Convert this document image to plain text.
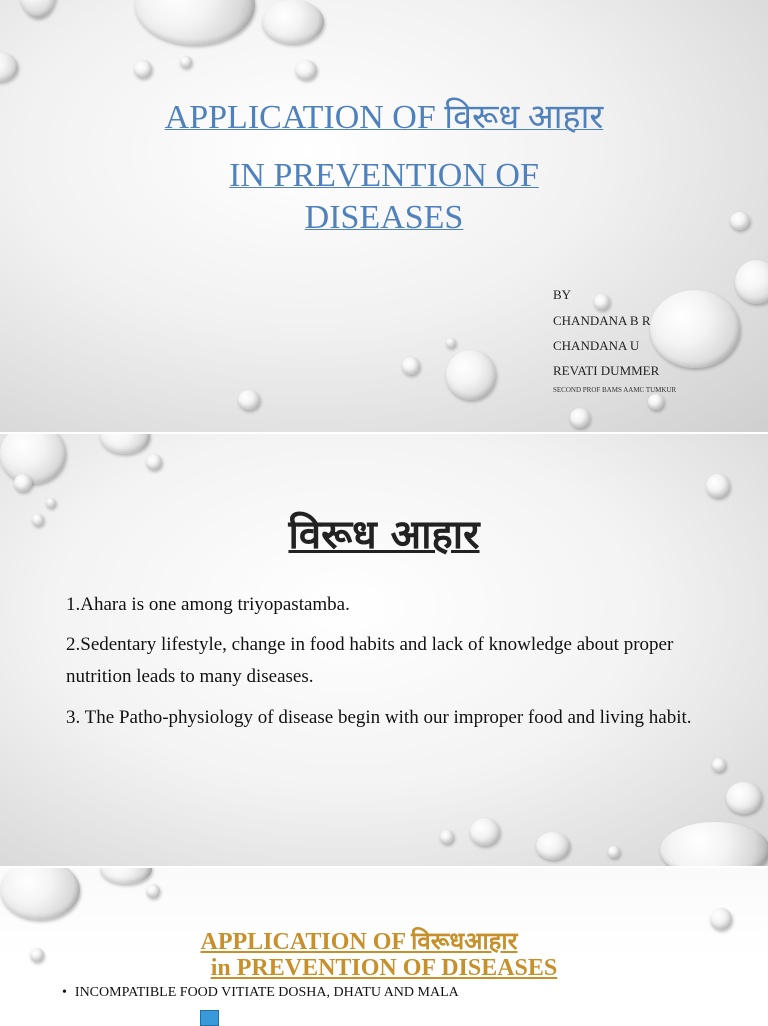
APPLICATION OF विरूध आहार
IN PREVENTION OF
DISEASES
BY
CHANDANA B R
CHANDANA U
REVATI DUMMER
SECOND PROF BAMS AAMC TUMKUR
विरूध आहार
1.Ahara is one among triyopastamba.
2.Sedentary lifestyle, change in food habits and lack of knowledge about proper nutrition leads to many diseases.
3. The Patho-physiology of disease begin with our improper food and living habit.
APPLICATION OF विरूधआहार
in PREVENTION OF DISEASES
• INCOMPATIBLE FOOD VITIATE DOSHA, DHATU AND MALA
